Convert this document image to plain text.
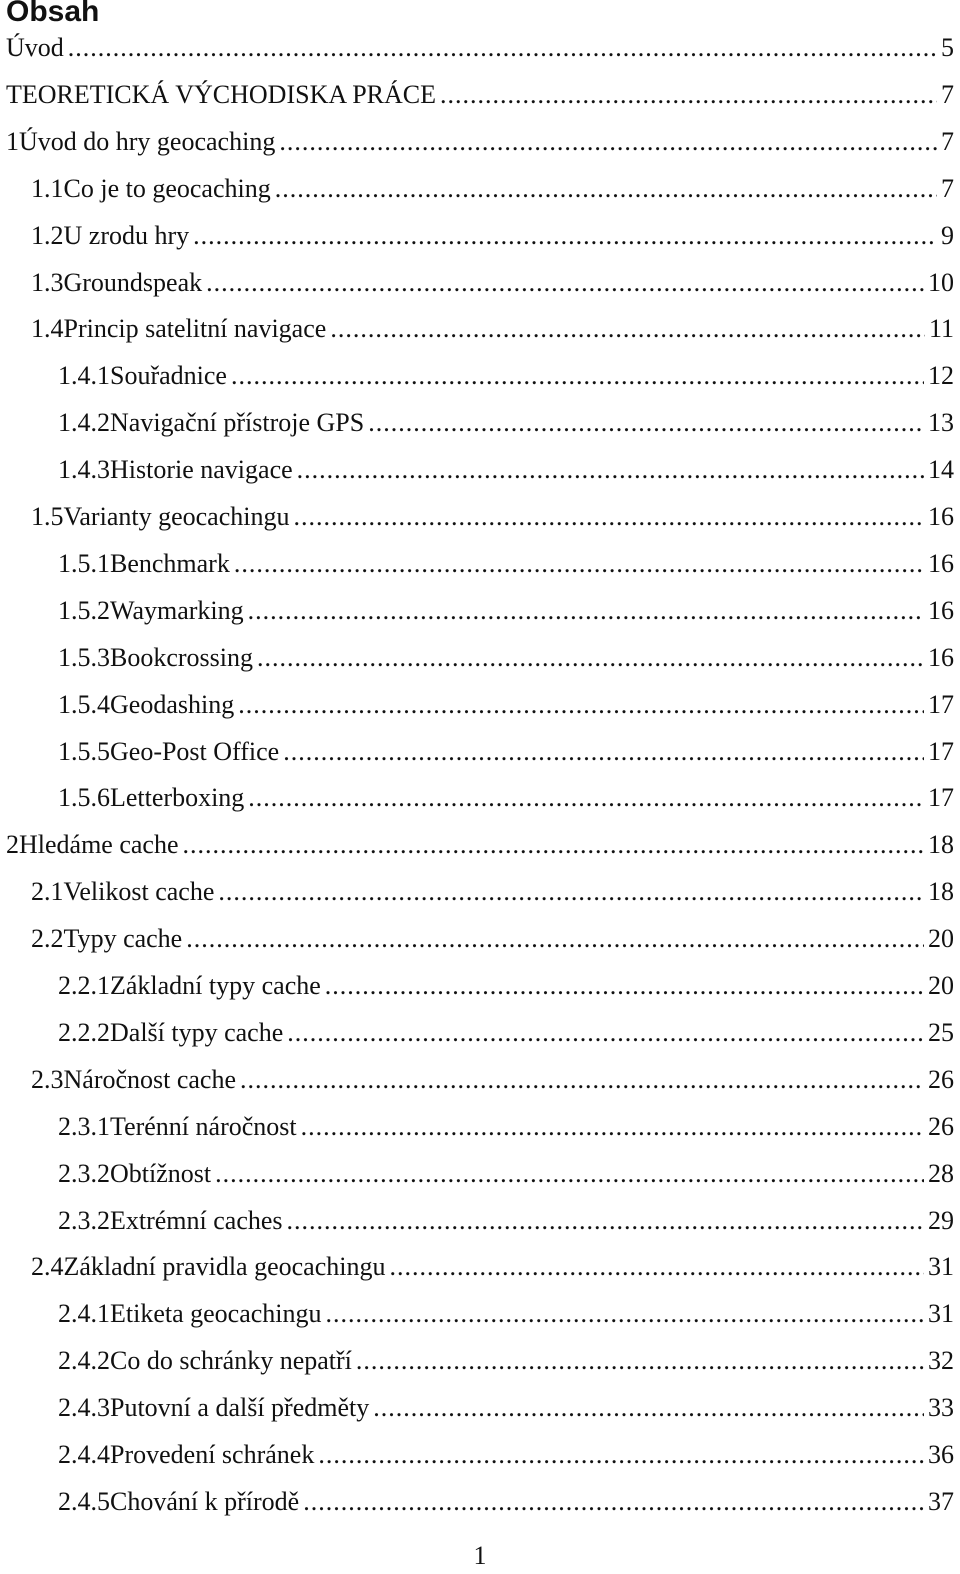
Obsah
Úvod .....	5
TEORETICKÁ VÝCHODISKA PRÁCE .....	7
1 Úvod do hry geocaching .....	7
1.1 Co je to geocaching .....	7
1.2 U zrodu hry .....	9
1.3 Groundspeak .....	10
1.4 Princip satelitní navigace .....	11
1.4.1 Souřadnice .....	12
1.4.2 Navigační přístroje GPS .....	13
1.4.3 Historie navigace .....	14
1.5 Varianty geocachingu .....	16
1.5.1 Benchmark .....	16
1.5.2 Waymarking .....	16
1.5.3 Bookcrossing .....	16
1.5.4 Geodashing .....	17
1.5.5 Geo-Post Office .....	17
1.5.6 Letterboxing .....	17
2 Hledáme cache .....	18
2.1 Velikost cache .....	18
2.2 Typy cache .....	20
2.2.1 Základní typy cache .....	20
2.2.2 Další typy cache .....	25
2.3 Náročnost cache .....	26
2.3.1 Terénní náročnost .....	26
2.3.2 Obtížnost .....	28
2.3.2 Extrémní caches .....	29
2.4 Základní pravidla geocachingu .....	31
2.4.1 Etiketa geocachingu .....	31
2.4.2 Co do schránky nepatří .....	32
2.4.3 Putovní a další předměty .....	33
2.4.4 Provedení schránek .....	36
2.4.5 Chování k přírodě .....	37
1
